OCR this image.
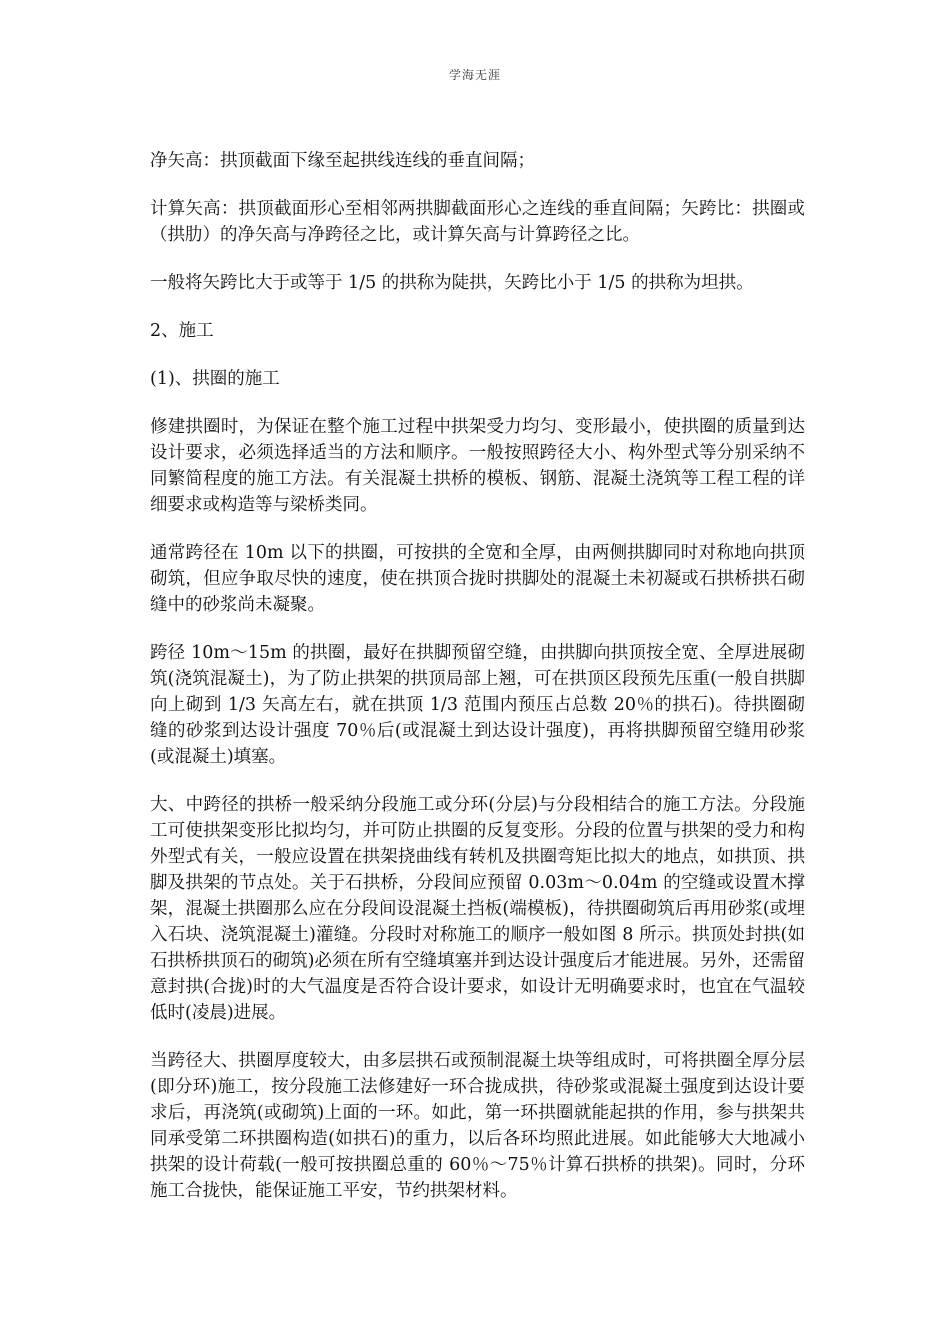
学海无涯

净矢高：拱顶截面下缘至起拱线连线的垂直间隔；

计算矢高：拱顶截面形心至相邻两拱脚截面形心之连线的垂直间隔；矢跨比：拱圈或（拱肋）的净矢高与净跨径之比，或计算矢高与计算跨径之比。

一般将矢跨比大于或等于 1/5 的拱称为陡拱，矢跨比小于 1/5 的拱称为坦拱。

2、施工

(1)、拱圈的施工

修建拱圈时，为保证在整个施工过程中拱架受力均匀、变形最小，使拱圈的质量到达设计要求，必须选择适当的方法和顺序。一般按照跨径大小、构外型式等分别采纳不同繁简程度的施工方法。有关混凝土拱桥的模板、钢筋、混凝土浇筑等工程工程的详细要求或构造等与梁桥类同。

通常跨径在 10m 以下的拱圈，可按拱的全宽和全厚，由两侧拱脚同时对称地向拱顶砌筑，但应争取尽快的速度，使在拱顶合拢时拱脚处的混凝土未初凝或石拱桥拱石砌缝中的砂浆尚未凝聚。

跨径 10m～15m 的拱圈，最好在拱脚预留空缝，由拱脚向拱顶按全宽、全厚进展砌筑(浇筑混凝土)，为了防止拱架的拱顶局部上翘，可在拱顶区段预先压重(一般自拱脚向上砌到 1/3 矢高左右，就在拱顶 1/3 范围内预压占总数 20％的拱石)。待拱圈砌缝的砂浆到达设计强度 70％后(或混凝土到达设计强度)，再将拱脚预留空缝用砂浆(或混凝土)填塞。

大、中跨径的拱桥一般采纳分段施工或分环(分层)与分段相结合的施工方法。分段施工可使拱架变形比拟均匀，并可防止拱圈的反复变形。分段的位置与拱架的受力和构外型式有关，一般应设置在拱架挠曲线有转机及拱圈弯矩比拟大的地点，如拱顶、拱脚及拱架的节点处。关于石拱桥，分段间应预留 0.03m～0.04m 的空缝或设置木撑架，混凝土拱圈那么应在分段间设混凝土挡板(端模板)，待拱圈砌筑后再用砂浆(或埋入石块、浇筑混凝土)灌缝。分段时对称施工的顺序一般如图 8 所示。拱顶处封拱(如石拱桥拱顶石的砌筑)必须在所有空缝填塞并到达设计强度后才能进展。另外，还需留意封拱(合拢)时的大气温度是否符合设计要求，如设计无明确要求时，也宜在气温较低时(凌晨)进展。

当跨径大、拱圈厚度较大，由多层拱石或预制混凝土块等组成时，可将拱圈全厚分层(即分环)施工，按分段施工法修建好一环合拢成拱，待砂浆或混凝土强度到达设计要求后，再浇筑(或砌筑)上面的一环。如此，第一环拱圈就能起拱的作用，参与拱架共同承受第二环拱圈构造(如拱石)的重力，以后各环均照此进展。如此能够大大地减小拱架的设计荷载(一般可按拱圈总重的 60％～75％计算石拱桥的拱架)。同时，分环施工合拢快，能保证施工平安，节约拱架材料。
